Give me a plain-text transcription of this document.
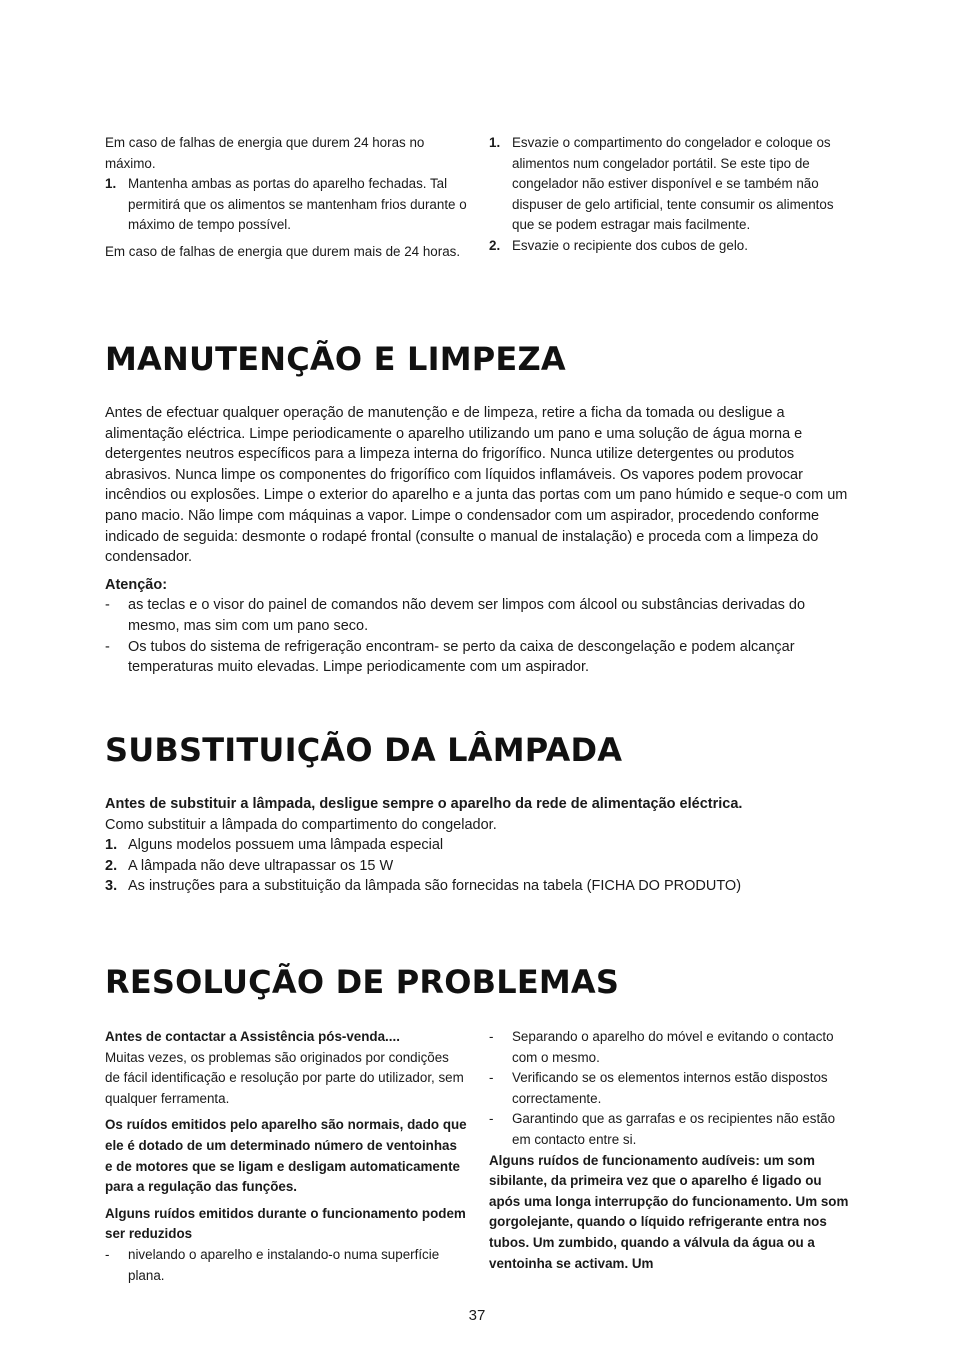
Em caso de falhas de energia que durem 24 horas no máximo.

1. Mantenha ambas as portas do aparelho fechadas. Tal permitirá que os alimentos se mantenham frios durante o máximo de tempo possível.

Em caso de falhas de energia que durem mais de 24 horas.

1. Esvazie o compartimento do congelador e coloque os alimentos num congelador portátil. Se este tipo de congelador não estiver disponível e se também não dispuser de gelo artificial, tente consumir os alimentos que se podem estragar mais facilmente.
2. Esvazie o recipiente dos cubos de gelo.
MANUTENÇÃO E LIMPEZA

Antes de efectuar qualquer operação de manutenção e de limpeza, retire a ficha da tomada ou desligue a alimentação eléctrica. Limpe periodicamente o aparelho utilizando um pano e uma solução de água morna e detergentes neutros específicos para a limpeza interna do frigorífico. Nunca utilize detergentes ou produtos abrasivos. Nunca limpe os componentes do frigorífico com líquidos inflamáveis. Os vapores podem provocar incêndios ou explosões. Limpe o exterior do aparelho e a junta das portas com um pano húmido e seque-o com um pano macio. Não limpe com máquinas a vapor. Limpe o condensador com um aspirador, procedendo conforme indicado de seguida: desmonte o rodapé frontal (consulte o manual de instalação) e proceda com a limpeza do condensador.

Atenção:

- as teclas e o visor do painel de comandos não devem ser limpos com álcool ou substâncias derivadas do mesmo, mas sim com um pano seco.
- Os tubos do sistema de refrigeração encontram- se perto da caixa de descongelação e podem alcançar temperaturas muito elevadas. Limpe periodicamente com um aspirador.
SUBSTITUIÇÃO DA LÂMPADA

Antes de substituir a lâmpada, desligue sempre o aparelho da rede de alimentação eléctrica.

Como substituir a lâmpada do compartimento do congelador.

1. Alguns modelos possuem uma lâmpada especial
2. A lâmpada não deve ultrapassar os 15 W
3. As instruções para a substituição da lâmpada são fornecidas na tabela (FICHA DO PRODUTO)
RESOLUÇÃO DE PROBLEMAS

Antes de contactar a Assistência pós-venda....

Muitas vezes, os problemas são originados por condições de fácil identificação e resolução por parte do utilizador, sem qualquer ferramenta.

Os ruídos emitidos pelo aparelho são normais, dado que ele é dotado de um determinado número de ventoinhas e de motores que se ligam e desligam automaticamente para a regulação das funções.

Alguns ruídos emitidos durante o funcionamento podem ser reduzidos

- nivelando o aparelho e instalando-o numa superfície plana.
- Separando o aparelho do móvel e evitando o contacto com o mesmo.
- Verificando se os elementos internos estão dispostos correctamente.
- Garantindo que as garrafas e os recipientes não estão em contacto entre si.

Alguns ruídos de funcionamento audíveis: um som sibilante, da primeira vez que o aparelho é ligado ou após uma longa interrupção do funcionamento. Um som gorgolejante, quando o líquido refrigerante entra nos tubos. Um zumbido, quando a válvula da água ou a ventoinha se activam. Um

37
